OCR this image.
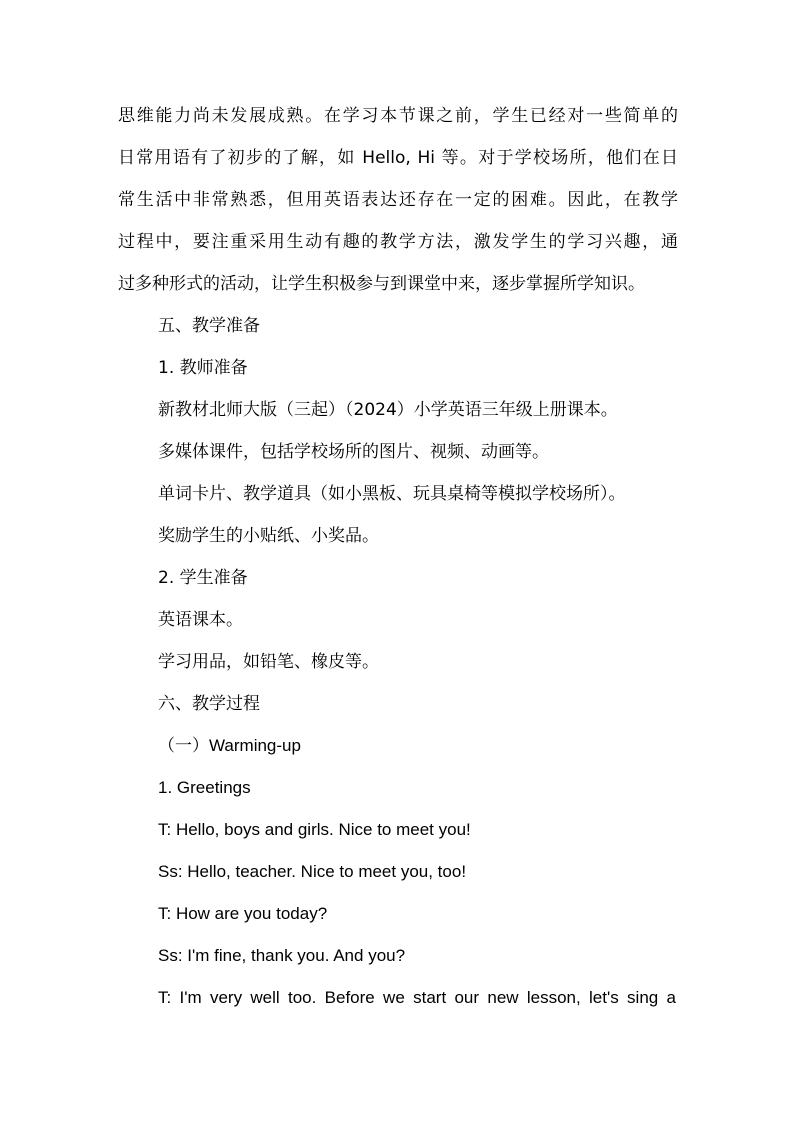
思维能力尚未发展成熟。在学习本节课之前，学生已经对一些简单的
日常用语有了初步的了解，如 Hello, Hi 等。对于学校场所，他们在日
常生活中非常熟悉，但用英语表达还存在一定的困难。因此，在教学
过程中，要注重采用生动有趣的教学方法，激发学生的学习兴趣，通
过多种形式的活动，让学生积极参与到课堂中来，逐步掌握所学知识。
五、教学准备
1. 教师准备
新教材北师大版（三起）（2024）小学英语三年级上册课本。
多媒体课件，包括学校场所的图片、视频、动画等。
单词卡片、教学道具（如小黑板、玩具桌椅等模拟学校场所）。
奖励学生的小贴纸、小奖品。
2. 学生准备
英语课本。
学习用品，如铅笔、橡皮等。
六、教学过程
（一）Warming-up
1. Greetings
T: Hello, boys and girls. Nice to meet you!
Ss: Hello, teacher. Nice to meet you, too!
T: How are you today?
Ss: I'm fine, thank you. And you?
T: I'm very well too. Before we start our new lesson, let's sing a
